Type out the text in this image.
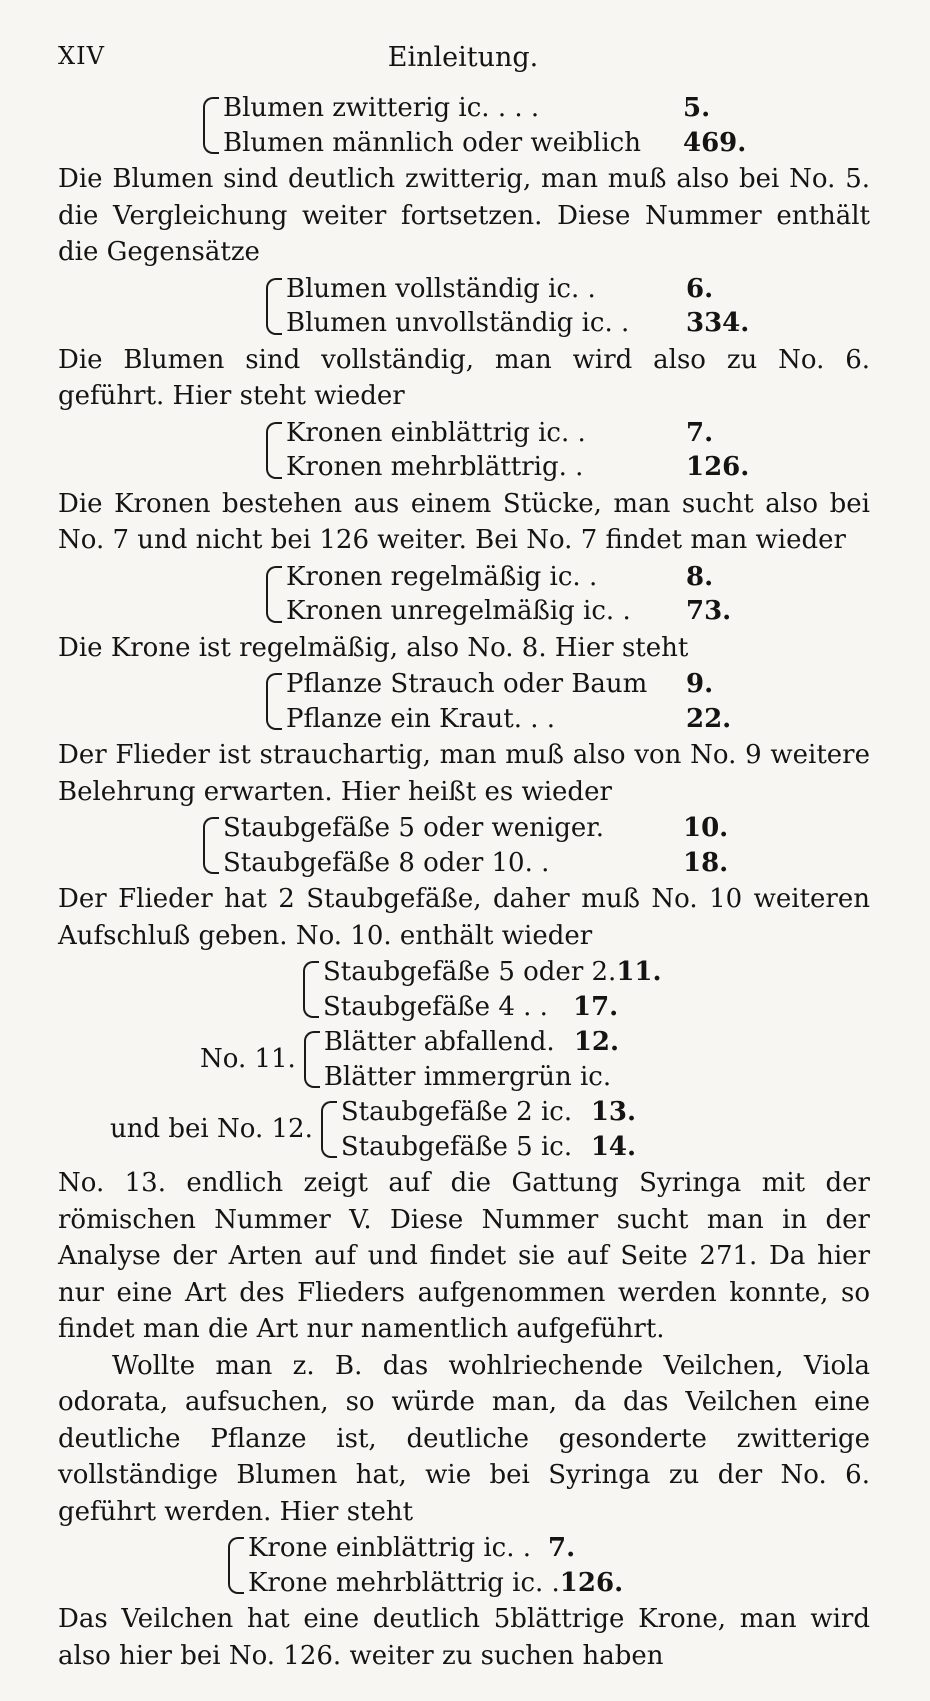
XIV	Einleitung.
Blumen zwitterig ic. . . .	5.
Blumen männlich oder weiblich	469.

Die Blumen sind deutlich zwitterig, man muß also bei No. 5. die Vergleichung weiter fortsetzen. Diese Nummer enthält die Gegensätze

Blumen vollständig ic. .	6.
Blumen unvollständig ic. .	334.

Die Blumen sind vollständig, man wird also zu No. 6. geführt. Hier steht wieder

Kronen einblättrig ic. .	7.
Kronen mehrblättrig. .	126.

Die Kronen bestehen aus einem Stücke, man sucht also bei No. 7 und nicht bei 126 weiter. Bei No. 7 findet man wieder

Kronen regelmäßig ic. .	8.
Kronen unregelmäßig ic. .	73.

Die Krone ist regelmäßig, also No. 8. Hier steht

Pflanze Strauch oder Baum	9.
Pflanze ein Kraut. . .	22.

Der Flieder ist strauchartig, man muß also von No. 9 weitere Belehrung erwarten. Hier heißt es wieder

Staubgefäße 5 oder weniger.	10.
Staubgefäße 8 oder 10. .	18.

Der Flieder hat 2 Staubgefäße, daher muß No. 10 weiteren Aufschluß geben. No. 10. enthält wieder

Staubgefäße 5 oder 2. 11.
Staubgefäße 4 . . 17.
No. 11.
Blätter abfallend. 12.
Blätter immergrün ic.
und bei No. 12.
Staubgefäße 2 ic. 13.
Staubgefäße 5 ic. 14.

No. 13. endlich zeigt auf die Gattung Syringa mit der römischen Nummer V. Diese Nummer sucht man in der Analyse der Arten auf und findet sie auf Seite 271. Da hier nur eine Art des Flieders aufgenommen werden konnte, so findet man die Art nur namentlich aufgeführt.

Wollte man z. B. das wohlriechende Veilchen, Viola odorata, aufsuchen, so würde man, da das Veilchen eine deutliche Pflanze ist, deutliche gesonderte zwitterige vollständige Blumen hat, wie bei Syringa zu der No. 6. geführt werden. Hier steht

Krone einblättrig ic. . 7.
Krone mehrblättrig ic. . 126.

Das Veilchen hat eine deutlich 5blättrige Krone, man wird also hier bei No. 126. weiter zu suchen haben
